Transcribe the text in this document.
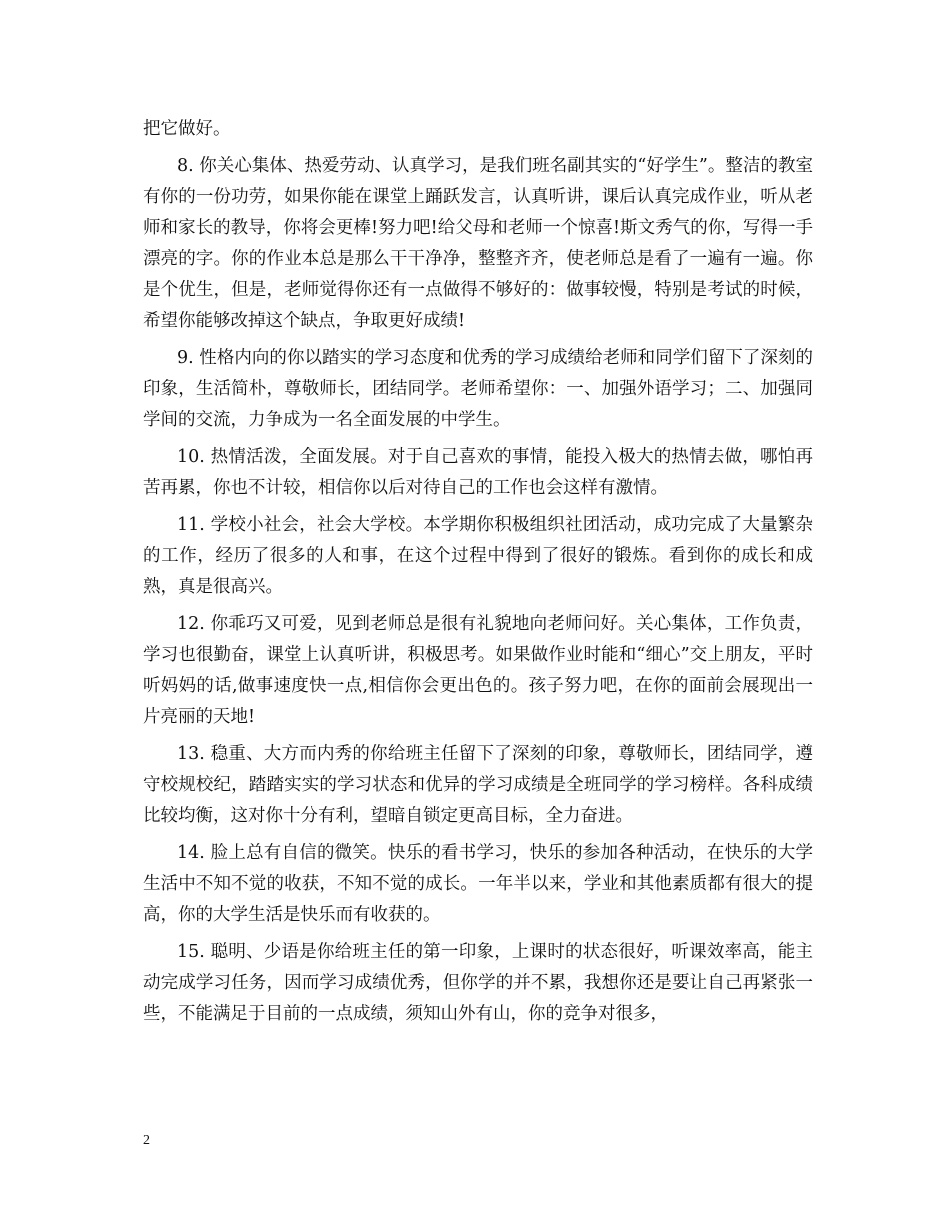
把它做好。

8. 你关心集体、热爱劳动、认真学习，是我们班名副其实的“好学生”。整洁的教室有你的一份功劳，如果你能在课堂上踊跃发言，认真听讲，课后认真完成作业，听从老师和家长的教导，你将会更棒!努力吧!给父母和老师一个惊喜!斯文秀气的你，写得一手漂亮的字。你的作业本总是那么干干净净，整整齐齐，使老师总是看了一遍有一遍。你是个优生，但是，老师觉得你还有一点做得不够好的：做事较慢，特别是考试的时候，希望你能够改掉这个缺点，争取更好成绩!

9. 性格内向的你以踏实的学习态度和优秀的学习成绩给老师和同学们留下了深刻的印象，生活简朴，尊敬师长，团结同学。老师希望你：一、加强外语学习；二、加强同学间的交流，力争成为一名全面发展的中学生。

10. 热情活泼，全面发展。对于自己喜欢的事情，能投入极大的热情去做，哪怕再苦再累，你也不计较，相信你以后对待自己的工作也会这样有激情。

11. 学校小社会，社会大学校。本学期你积极组织社团活动，成功完成了大量繁杂的工作，经历了很多的人和事，在这个过程中得到了很好的锻炼。看到你的成长和成熟，真是很高兴。

12. 你乖巧又可爱，见到老师总是很有礼貌地向老师问好。关心集体，工作负责，学习也很勤奋，课堂上认真听讲，积极思考。如果做作业时能和“细心”交上朋友，平时听妈妈的话,做事速度快一点,相信你会更出色的。孩子努力吧，在你的面前会展现出一片亮丽的天地!

13. 稳重、大方而内秀的你给班主任留下了深刻的印象，尊敬师长，团结同学，遵守校规校纪，踏踏实实的学习状态和优异的学习成绩是全班同学的学习榜样。各科成绩比较均衡，这对你十分有利，望暗自锁定更高目标，全力奋进。

14. 脸上总有自信的微笑。快乐的看书学习，快乐的参加各种活动，在快乐的大学生活中不知不觉的收获，不知不觉的成长。一年半以来，学业和其他素质都有很大的提高，你的大学生活是快乐而有收获的。

15. 聪明、少语是你给班主任的第一印象，上课时的状态很好，听课效率高，能主动完成学习任务，因而学习成绩优秀，但你学的并不累，我想你还是要让自己再紧张一些，不能满足于目前的一点成绩，须知山外有山，你的竞争对很多，

2
